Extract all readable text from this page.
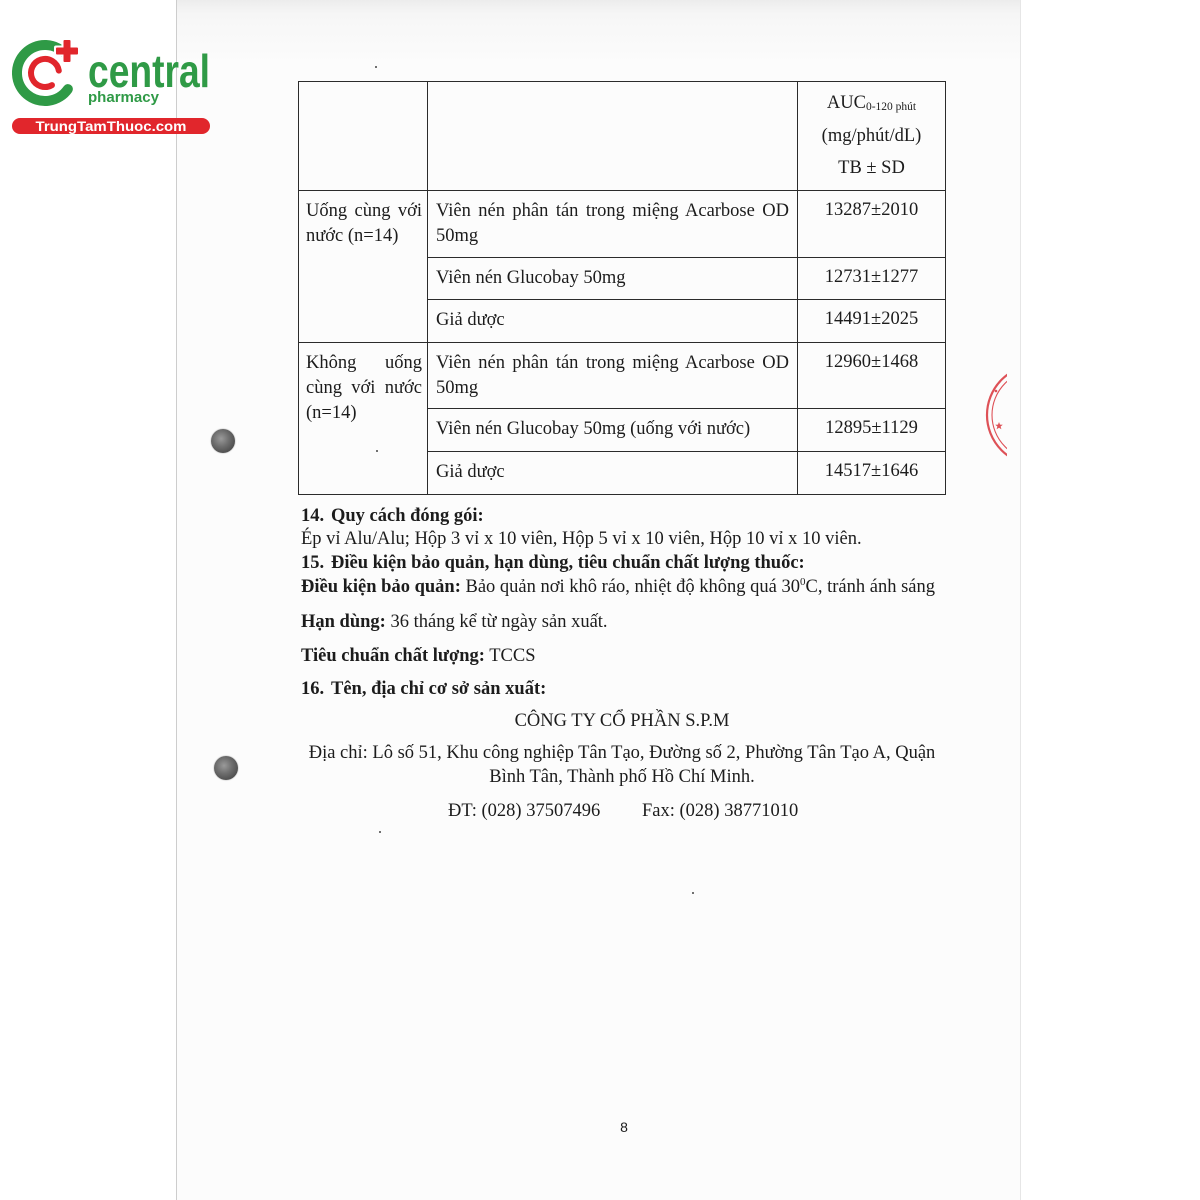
central
pharmacy
TrungTamThuoc.com

		$AUC_{0-120 phút}$
(mg/phút/dL)
TB ± SD

Uống cùng với nước (n=14)	Viên nén phân tán trong miệng Acarbose OD 50mg	13287±2010
	Viên nén Glucobay 50mg	12731±1277
	Giả dược	14491±2025
Không uống cùng với nước (n=14)	Viên nén phân tán trong miệng Acarbose OD 50mg	12960±1468
	Viên nén Glucobay 50mg (uống với nước)	12895±1129
	Giả dược	14517±1646
14. Quy cách đóng gói:
Ép vỉ Alu/Alu; Hộp 3 vỉ x 10 viên, Hộp 5 vỉ x 10 viên, Hộp 10 vỉ x 10 viên.
15. Điều kiện bảo quản, hạn dùng, tiêu chuẩn chất lượng thuốc:
Điều kiện bảo quản: Bảo quản nơi khô ráo, nhiệt độ không quá $30^0C$, tránh ánh sáng
Hạn dùng: 36 tháng kể từ ngày sản xuất.
Tiêu chuẩn chất lượng: TCCS
16. Tên, địa chỉ cơ sở sản xuất:
CÔNG TY CỔ PHẦN S.P.M
Địa chỉ: Lô số 51, Khu công nghiệp Tân Tạo, Đường số 2, Phường Tân Tạo A, Quận
Bình Tân, Thành phố Hồ Chí Minh.
ĐT: (028) 37507496 Fax: (028) 38771010
8
